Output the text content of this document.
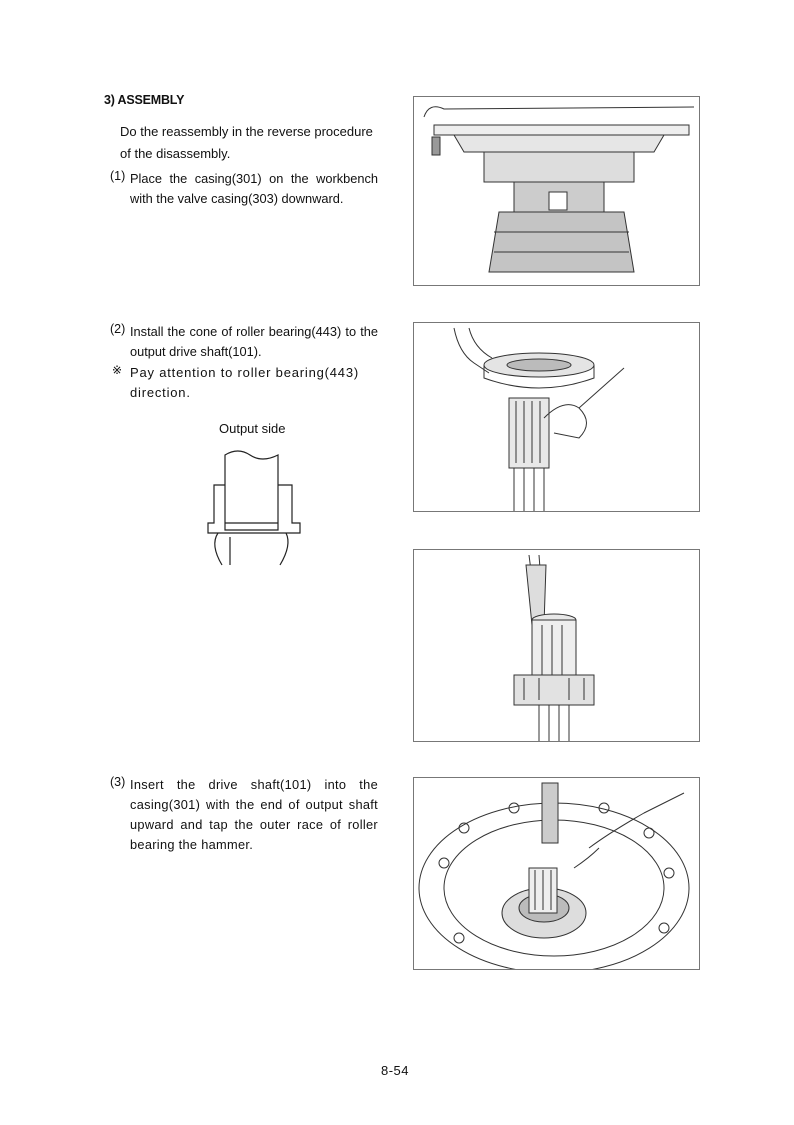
3) ASSEMBLY
Do the reassembly in the reverse procedure of the disassembly.
(1) Place the casing(301) on the workbench with the valve casing(303) downward.
(2) Install the cone of roller bearing(443) to the output drive shaft(101).
※ Pay attention to roller bearing(443) direction.
Output side
(3) Insert the drive shaft(101) into the casing(301) with the end of output shaft upward and tap the outer race of roller bearing the hammer.
8-54
